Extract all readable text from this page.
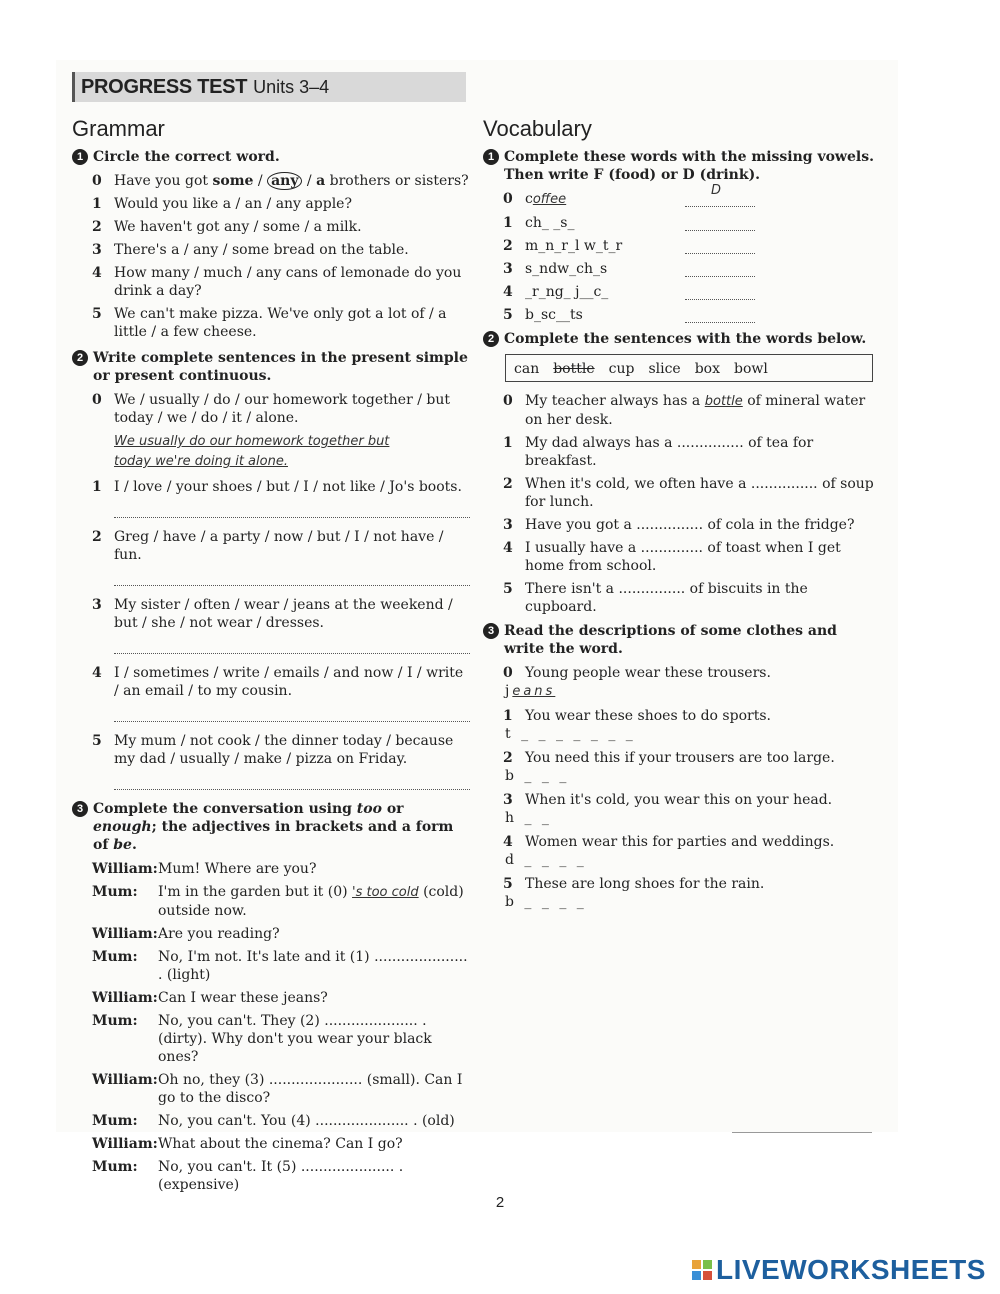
PROGRESS TEST Units 3–4
Grammar
1 Circle the correct word.
0 Have you got some / any / a brothers or sisters?
1 Would you like a / an / any apple?
2 We haven't got any / some / a milk.
3 There's a / any / some bread on the table.
4 How many / much / any cans of lemonade do you drink a day?
5 We can't make pizza. We've only got a lot of / a little / a few cheese.
2 Write complete sentences in the present simple or present continuous.
0 We / usually / do / our homework together / but today / we / do / it / alone.
We usually do our homework together but
today we're doing it alone.
1 I / love / your shoes / but / I / not like / Jo's boots.
2 Greg / have / a party / now / but / I / not have / fun.
3 My sister / often / wear / jeans at the weekend / but / she / not wear / dresses.
4 I / sometimes / write / emails / and now / I / write / an email / to my cousin.
5 My mum / not cook / the dinner today / because my dad / usually / make / pizza on Friday.
3 Complete the conversation using too or enough; the adjectives in brackets and a form of be.
William: Mum! Where are you?
Mum:	I'm in the garden but it (0) 's too cold (cold) outside now.
William: Are you reading?
Mum:	No, I'm not. It's late and it (1) ..................... . (light)
William: Can I wear these jeans?
Mum:	No, you can't. They (2) ..................... . (dirty). Why don't you wear your black ones?
William: Oh no, they (3) ..................... (small). Can I go to the disco?
Mum:	No, you can't. You (4) ..................... . (old)
William: What about the cinema? Can I go?
Mum:	No, you can't. It (5) ..................... . (expensive)
Vocabulary
1 Complete these words with the missing vowels. Then write F (food) or D (drink).
0 coffee
D
1 ch_ _s_
2 m_n_r_l w_t_r
3 s_ndw_ch_s
4 _r_ng_ j__c_
5 b_sc__ts
2 Complete the sentences with the words below.
can bottle cup slice box bowl
0 My teacher always has a bottle of mineral water on her desk.
1 My dad always has a ............... of tea for breakfast.
2 When it's cold, we often have a ............... of soup for lunch.
3 Have you got a ............... of cola in the fridge?
4 I usually have a .............. of toast when I get home from school.
5 There isn't a ............... of biscuits in the cupboard.
3 Read the descriptions of some clothes and write the word.
0 Young people wear these trousers.
jeans
1 You wear these shoes to do sports.
t _ _ _ _ _ _ _
2 You need this if your trousers are too large.
b _ _ _
3 When it's cold, you wear this on your head.
h _ _
4 Women wear this for parties and weddings.
d _ _ _ _
5 These are long shoes for the rain.
b _ _ _ _
2
LIVEWORKSHEETS
